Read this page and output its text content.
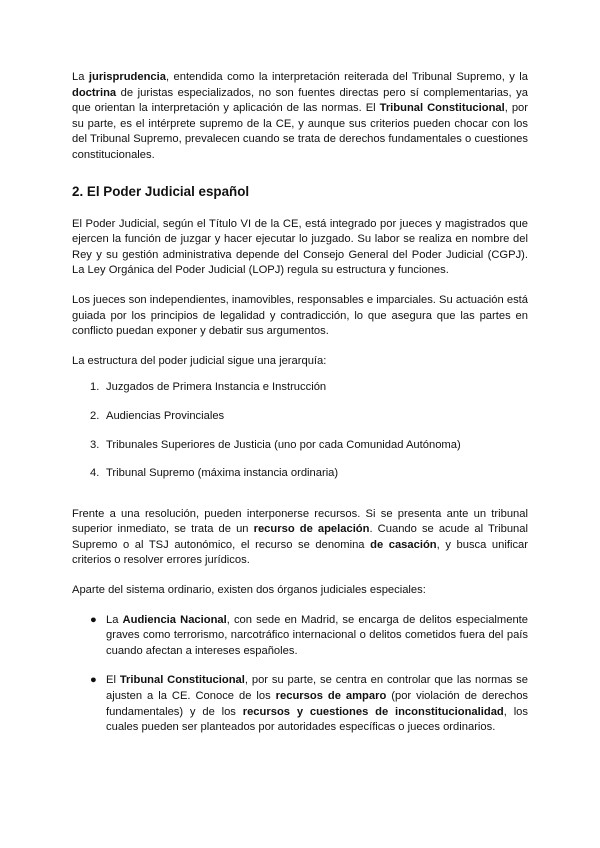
La jurisprudencia, entendida como la interpretación reiterada del Tribunal Supremo, y la doctrina de juristas especializados, no son fuentes directas pero sí complementarias, ya que orientan la interpretación y aplicación de las normas. El Tribunal Constitucional, por su parte, es el intérprete supremo de la CE, y aunque sus criterios pueden chocar con los del Tribunal Supremo, prevalecen cuando se trata de derechos fundamentales o cuestiones constitucionales.

2. El Poder Judicial español

El Poder Judicial, según el Título VI de la CE, está integrado por jueces y magistrados que ejercen la función de juzgar y hacer ejecutar lo juzgado. Su labor se realiza en nombre del Rey y su gestión administrativa depende del Consejo General del Poder Judicial (CGPJ). La Ley Orgánica del Poder Judicial (LOPJ) regula su estructura y funciones.

Los jueces son independientes, inamovibles, responsables e imparciales. Su actuación está guiada por los principios de legalidad y contradicción, lo que asegura que las partes en conflicto puedan exponer y debatir sus argumentos.

La estructura del poder judicial sigue una jerarquía:

1. Juzgados de Primera Instancia e Instrucción
2. Audiencias Provinciales
3. Tribunales Superiores de Justicia (uno por cada Comunidad Autónoma)
4. Tribunal Supremo (máxima instancia ordinaria)

Frente a una resolución, pueden interponerse recursos. Si se presenta ante un tribunal superior inmediato, se trata de un recurso de apelación. Cuando se acude al Tribunal Supremo o al TSJ autonómico, el recurso se denomina de casación, y busca unificar criterios o resolver errores jurídicos.

Aparte del sistema ordinario, existen dos órganos judiciales especiales:

● La Audiencia Nacional, con sede en Madrid, se encarga de delitos especialmente graves como terrorismo, narcotráfico internacional o delitos cometidos fuera del país cuando afectan a intereses españoles.
● El Tribunal Constitucional, por su parte, se centra en controlar que las normas se ajusten a la CE. Conoce de los recursos de amparo (por violación de derechos fundamentales) y de los recursos y cuestiones de inconstitucionalidad, los cuales pueden ser planteados por autoridades específicas o jueces ordinarios.
